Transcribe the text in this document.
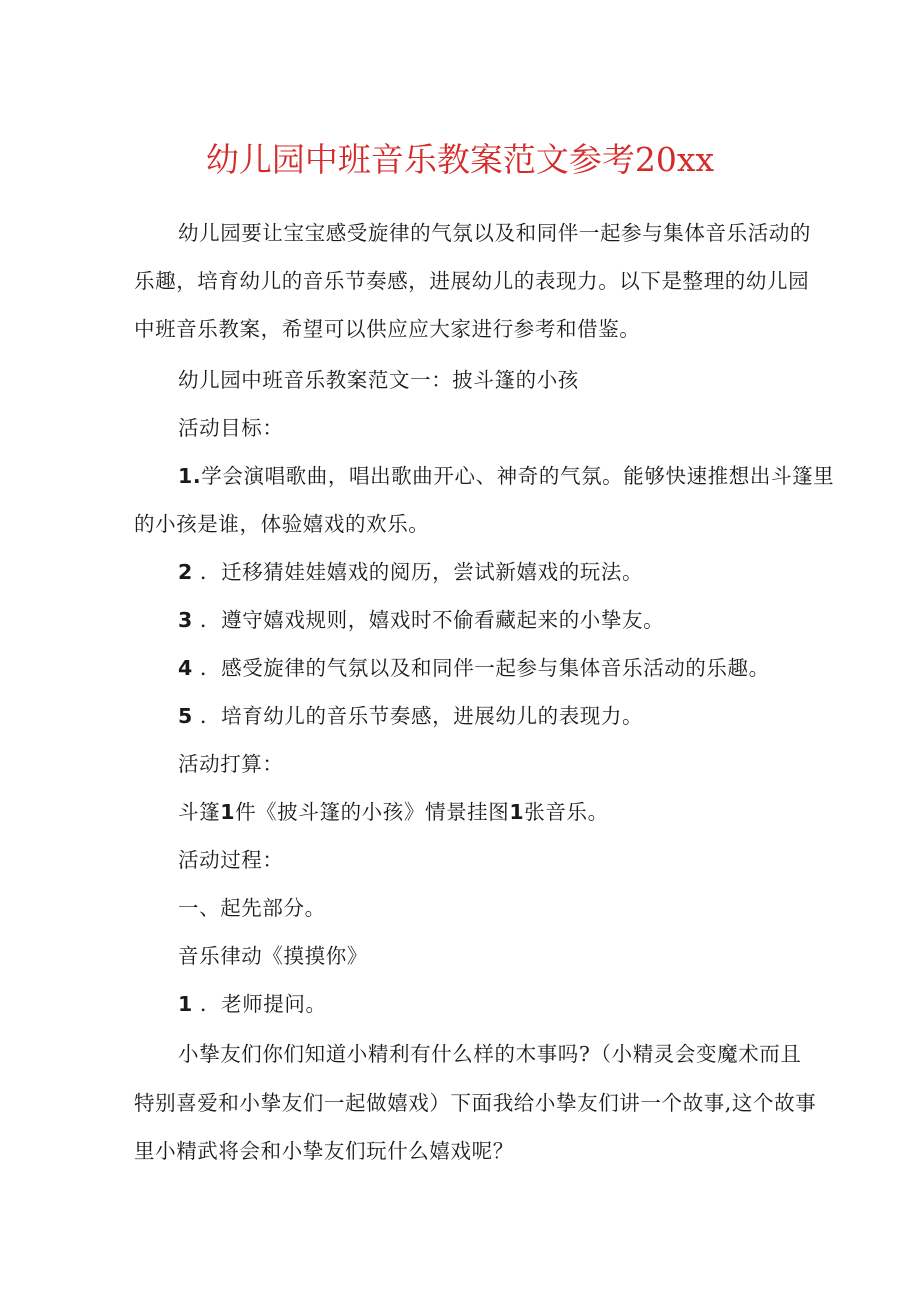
幼儿园中班音乐教案范文参考20xx
幼儿园要让宝宝感受旋律的气氛以及和同伴一起参与集体音乐活动的
乐趣，培育幼儿的音乐节奏感，进展幼儿的表现力。以下是整理的幼儿园
中班音乐教案，希望可以供应应大家进行参考和借鉴。
幼儿园中班音乐教案范文一：披斗篷的小孩
活动目标：
1.学会演唱歌曲，唱出歌曲开心、神奇的气氛。能够快速推想出斗篷里
的小孩是谁，体验嬉戏的欢乐。
2 ．迁移猜娃娃嬉戏的阅历，尝试新嬉戏的玩法。
3 ．遵守嬉戏规则，嬉戏时不偷看藏起来的小挚友。
4 ．感受旋律的气氛以及和同伴一起参与集体音乐活动的乐趣。
5 ．培育幼儿的音乐节奏感，进展幼儿的表现力。
活动打算：
斗篷1件《披斗篷的小孩》情景挂图1张音乐。
活动过程：
一、起先部分。
音乐律动《摸摸你》
1 ．老师提问。
小挚友们你们知道小精利有什么样的木事吗?（小精灵会变魔术而且
特别喜爱和小挚友们一起做嬉戏）下面我给小挚友们讲一个故事,这个故事
里小精武将会和小挚友们玩什么嬉戏呢？
